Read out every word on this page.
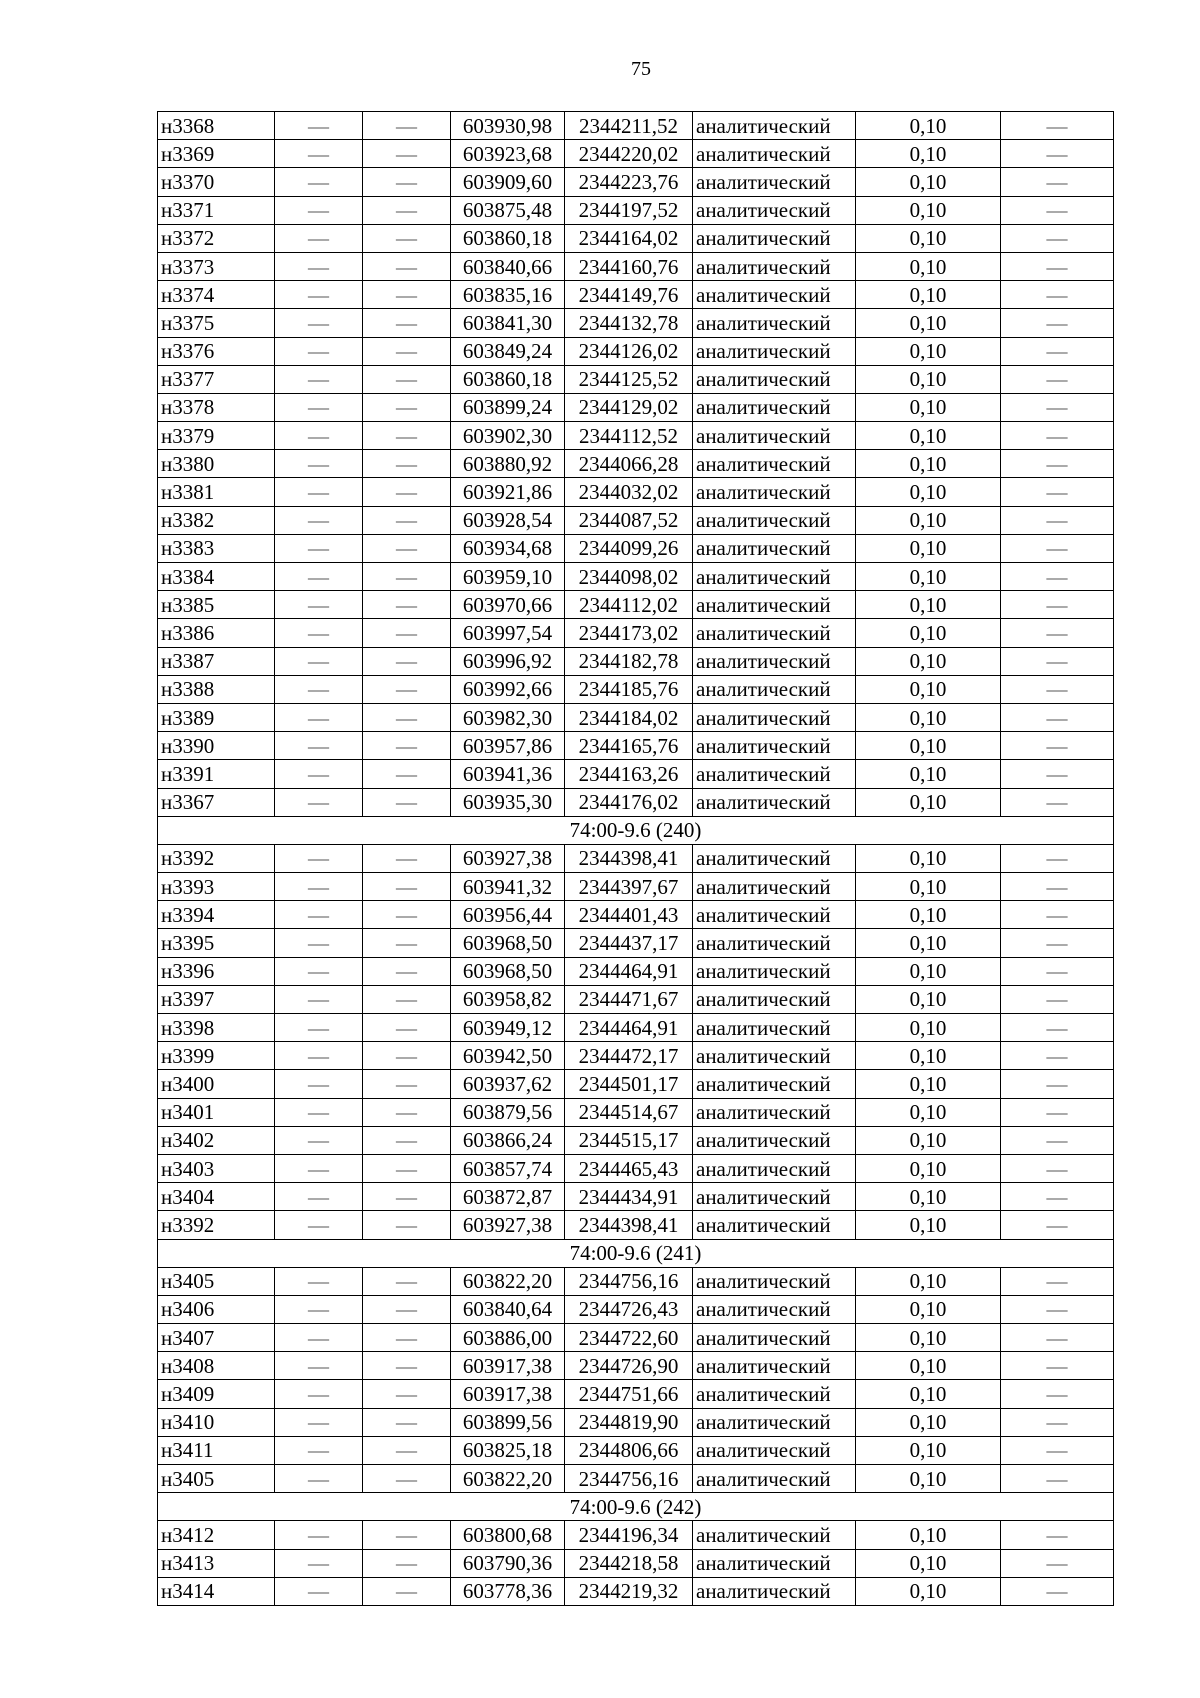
75
н3368	—	—	603930,98	2344211,52	аналитический	0,10	—
н3369	—	—	603923,68	2344220,02	аналитический	0,10	—
н3370	—	—	603909,60	2344223,76	аналитический	0,10	—
н3371	—	—	603875,48	2344197,52	аналитический	0,10	—
н3372	—	—	603860,18	2344164,02	аналитический	0,10	—
н3373	—	—	603840,66	2344160,76	аналитический	0,10	—
н3374	—	—	603835,16	2344149,76	аналитический	0,10	—
н3375	—	—	603841,30	2344132,78	аналитический	0,10	—
н3376	—	—	603849,24	2344126,02	аналитический	0,10	—
н3377	—	—	603860,18	2344125,52	аналитический	0,10	—
н3378	—	—	603899,24	2344129,02	аналитический	0,10	—
н3379	—	—	603902,30	2344112,52	аналитический	0,10	—
н3380	—	—	603880,92	2344066,28	аналитический	0,10	—
н3381	—	—	603921,86	2344032,02	аналитический	0,10	—
н3382	—	—	603928,54	2344087,52	аналитический	0,10	—
н3383	—	—	603934,68	2344099,26	аналитический	0,10	—
н3384	—	—	603959,10	2344098,02	аналитический	0,10	—
н3385	—	—	603970,66	2344112,02	аналитический	0,10	—
н3386	—	—	603997,54	2344173,02	аналитический	0,10	—
н3387	—	—	603996,92	2344182,78	аналитический	0,10	—
н3388	—	—	603992,66	2344185,76	аналитический	0,10	—
н3389	—	—	603982,30	2344184,02	аналитический	0,10	—
н3390	—	—	603957,86	2344165,76	аналитический	0,10	—
н3391	—	—	603941,36	2344163,26	аналитический	0,10	—
н3367	—	—	603935,30	2344176,02	аналитический	0,10	—
74:00-9.6 (240)							
н3392	—	—	603927,38	2344398,41	аналитический	0,10	—
н3393	—	—	603941,32	2344397,67	аналитический	0,10	—
н3394	—	—	603956,44	2344401,43	аналитический	0,10	—
н3395	—	—	603968,50	2344437,17	аналитический	0,10	—
н3396	—	—	603968,50	2344464,91	аналитический	0,10	—
н3397	—	—	603958,82	2344471,67	аналитический	0,10	—
н3398	—	—	603949,12	2344464,91	аналитический	0,10	—
н3399	—	—	603942,50	2344472,17	аналитический	0,10	—
н3400	—	—	603937,62	2344501,17	аналитический	0,10	—
н3401	—	—	603879,56	2344514,67	аналитический	0,10	—
н3402	—	—	603866,24	2344515,17	аналитический	0,10	—
н3403	—	—	603857,74	2344465,43	аналитический	0,10	—
н3404	—	—	603872,87	2344434,91	аналитический	0,10	—
н3392	—	—	603927,38	2344398,41	аналитический	0,10	—
74:00-9.6 (241)							
н3405	—	—	603822,20	2344756,16	аналитический	0,10	—
н3406	—	—	603840,64	2344726,43	аналитический	0,10	—
н3407	—	—	603886,00	2344722,60	аналитический	0,10	—
н3408	—	—	603917,38	2344726,90	аналитический	0,10	—
н3409	—	—	603917,38	2344751,66	аналитический	0,10	—
н3410	—	—	603899,56	2344819,90	аналитический	0,10	—
н3411	—	—	603825,18	2344806,66	аналитический	0,10	—
н3405	—	—	603822,20	2344756,16	аналитический	0,10	—
74:00-9.6 (242)							
н3412	—	—	603800,68	2344196,34	аналитический	0,10	—
н3413	—	—	603790,36	2344218,58	аналитический	0,10	—
н3414	—	—	603778,36	2344219,32	аналитический	0,10	—
